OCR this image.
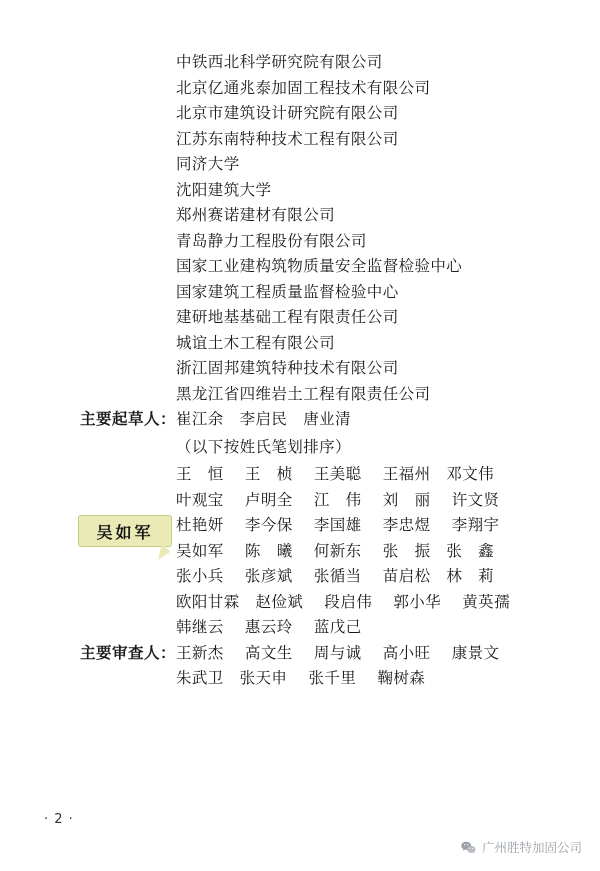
中铁西北科学研究院有限公司
北京亿通兆泰加固工程技术有限公司
北京市建筑设计研究院有限公司
江苏东南特种技术工程有限公司
同济大学
沈阳建筑大学
郑州赛诺建材有限公司
青岛静力工程股份有限公司
国家工业建构筑物质量安全监督检验中心
国家建筑工程质量监督检验中心
建研地基基础工程有限责任公司
城谊土木工程有限公司
浙江固邦建筑特种技术有限公司
黑龙江省四维岩土工程有限责任公司
主要起草人： 崔江余　李启民　唐业清
（以下按姓氏笔划排序）
王　恒　 王　桢　 王美聪　 王福州　邓文伟
叶观宝　 卢明全　 江　伟　 刘　丽　 许文贤
杜艳妍　 李今保　 李国雄　 李忠煜　 李翔宇
吴如军　 陈　曦　 何新东　 张　振　张　鑫
张小兵　 张彦斌　 张循当　 苗启松　林　莉
欧阳甘霖　赵俭斌　 段启伟　 郭小华　 黄英孺
韩继云　 惠云玲　 蓝戊己
主要审查人： 王新杰　 高文生　 周与诚　 高小旺　 康景文
朱武卫　张天申　 张千里　 鞠树森
吴如军
· 2 ·
广州胜特加固公司
